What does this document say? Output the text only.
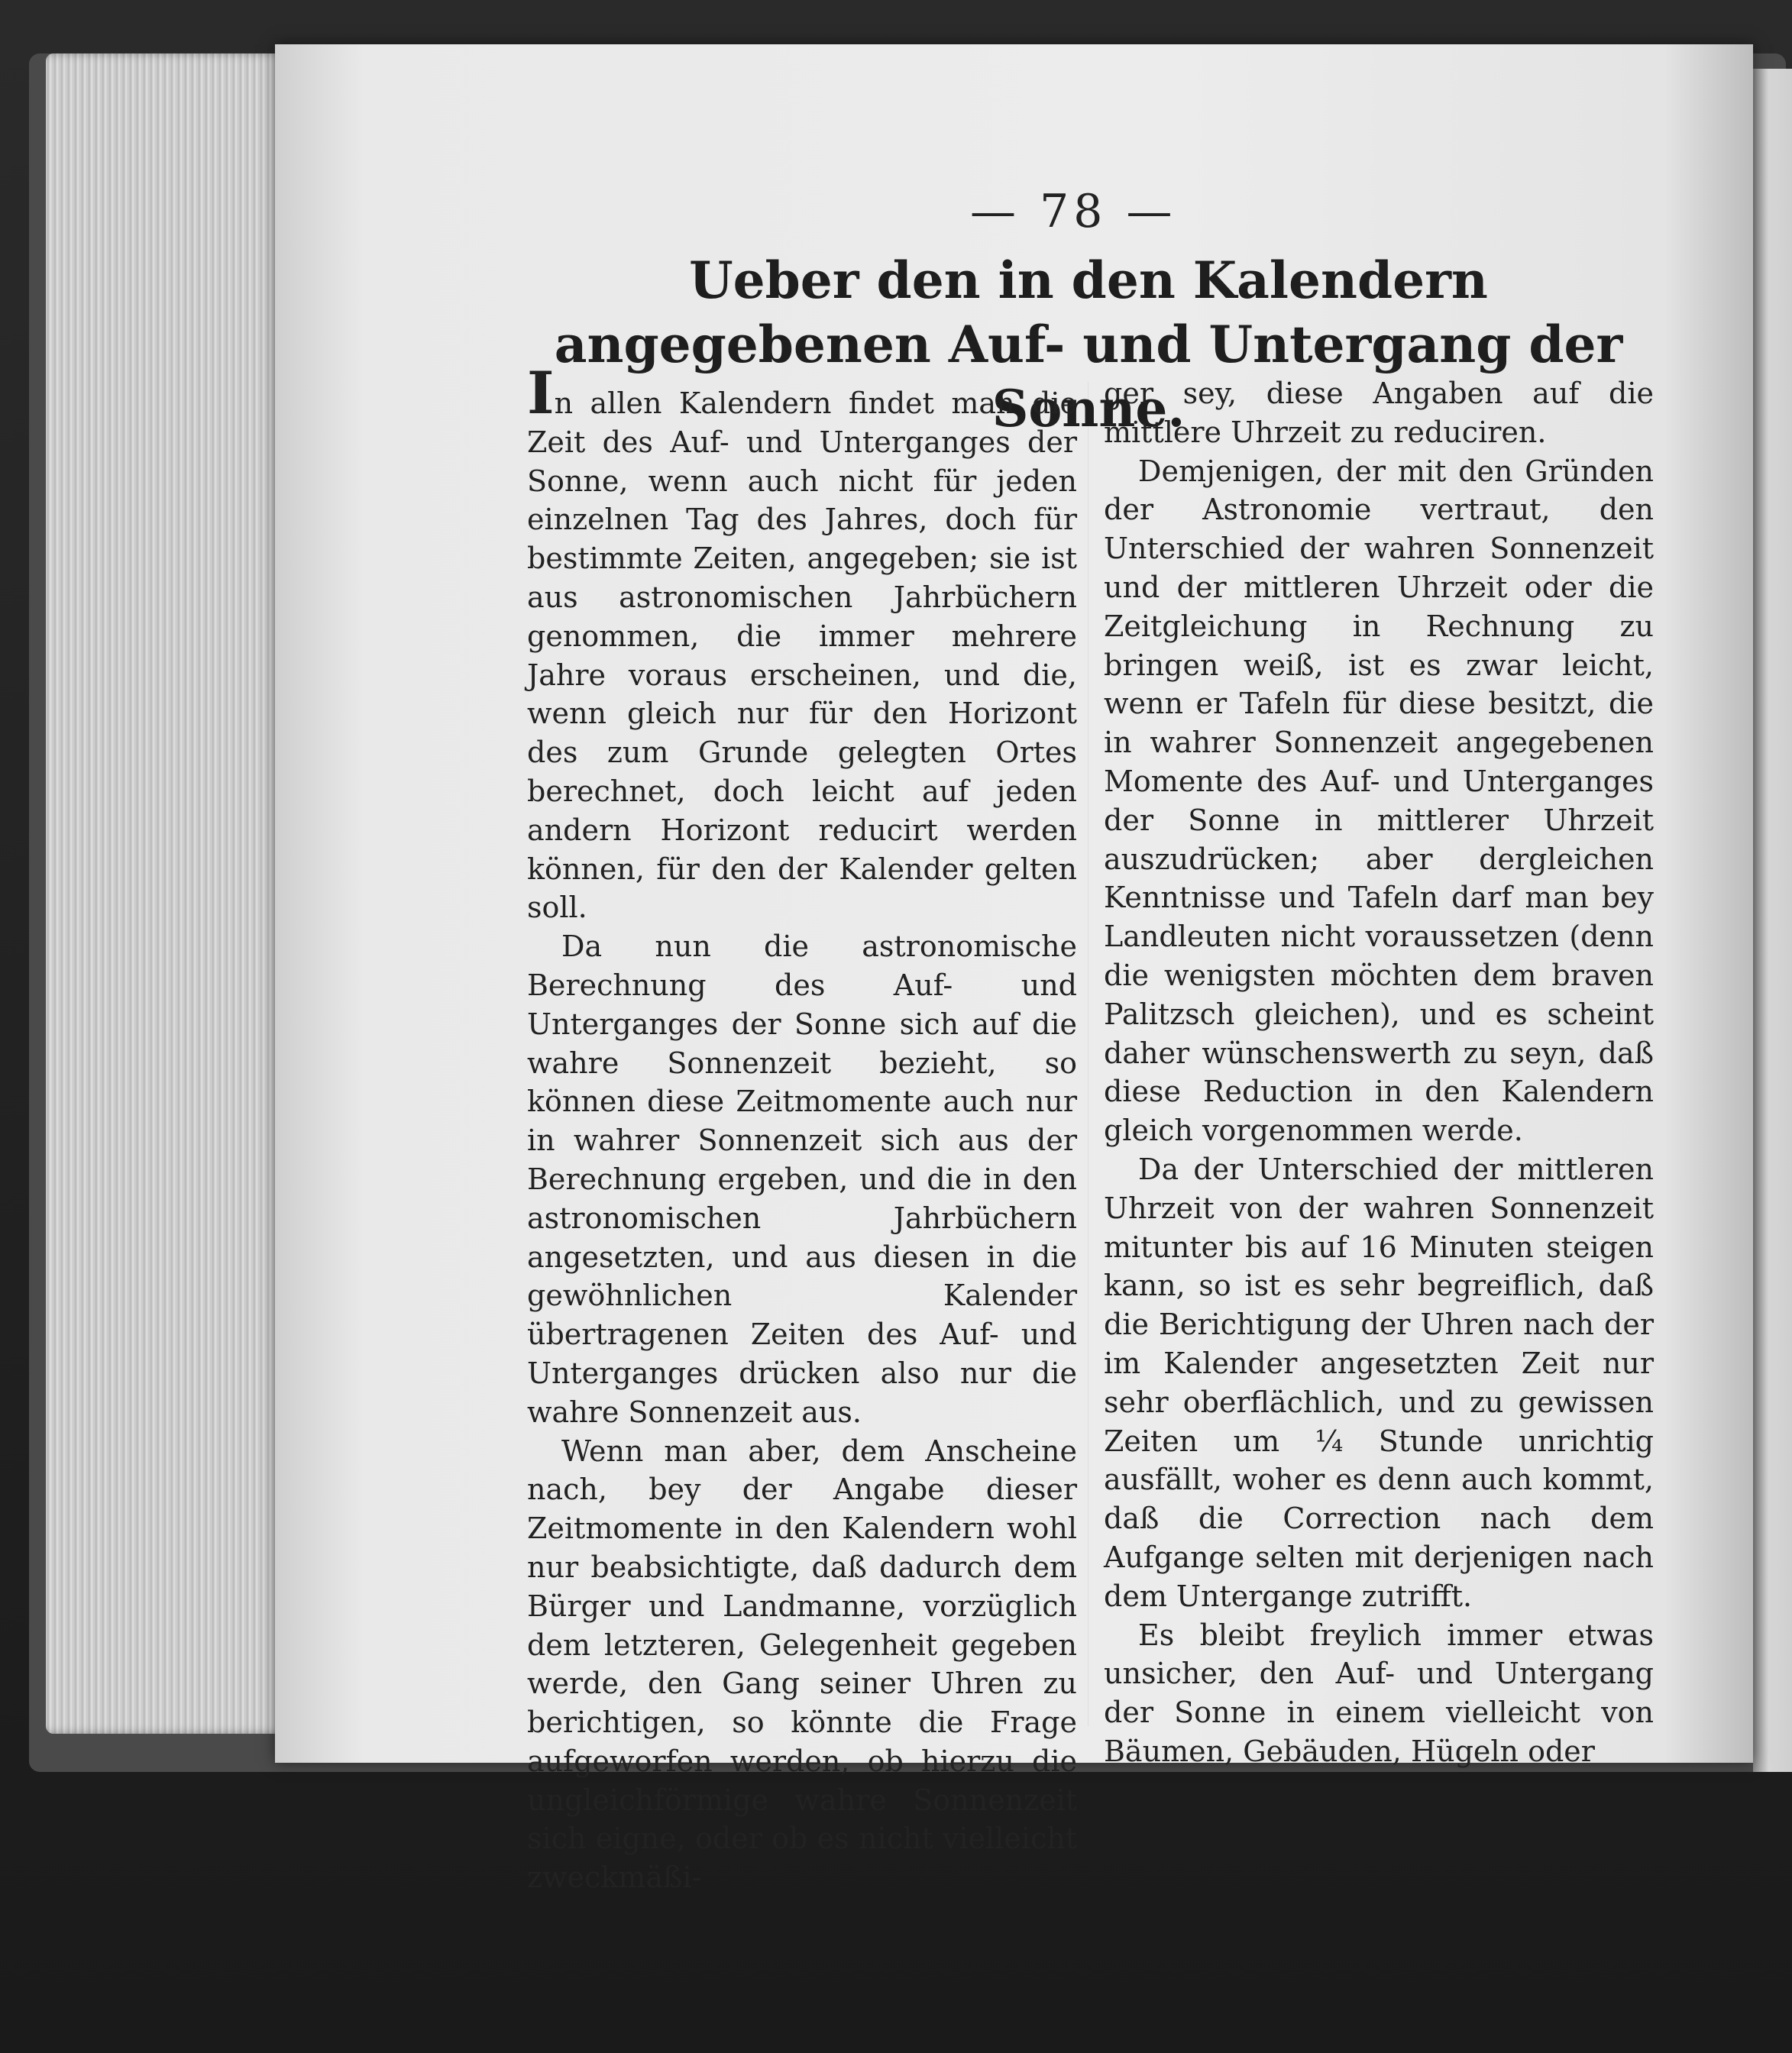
— 78 —
Ueber den in den Kalendern angegebenen Auf- und Untergang der Sonne.

In allen Kalendern findet man die Zeit des Auf- und Unterganges der Sonne, wenn auch nicht für jeden einzelnen Tag des Jahres, doch für bestimmte Zeiten, angegeben; sie ist aus astronomischen Jahrbüchern genommen, die immer mehrere Jahre voraus erscheinen, und die, wenn gleich nur für den Horizont des zum Grunde gelegten Ortes berechnet, doch leicht auf jeden andern Horizont reducirt werden können, für den der Kalender gelten soll.

Da nun die astronomische Berechnung des Auf- und Unterganges der Sonne sich auf die wahre Sonnenzeit bezieht, so können diese Zeitmomente auch nur in wahrer Sonnenzeit sich aus der Berechnung ergeben, und die in den astronomischen Jahrbüchern angesetzten, und aus diesen in die gewöhnlichen Kalender übertragenen Zeiten des Auf- und Unterganges drücken also nur die wahre Sonnenzeit aus.

Wenn man aber, dem Anscheine nach, bey der Angabe dieser Zeitmomente in den Kalendern wohl nur beabsichtigte, daß dadurch dem Bürger und Landmanne, vorzüglich dem letzteren, Gelegenheit gegeben werde, den Gang seiner Uhren zu berichtigen, so könnte die Frage aufgeworfen werden, ob hierzu die ungleichförmige wahre Sonnenzeit sich eigne, oder ob es nicht vielleicht zweckmäßi-

ger sey, diese Angaben auf die mittlere Uhrzeit zu reduciren.

Demjenigen, der mit den Gründen der Astronomie vertraut, den Unterschied der wahren Sonnenzeit und der mittleren Uhrzeit oder die Zeitgleichung in Rechnung zu bringen weiß, ist es zwar leicht, wenn er Tafeln für diese besitzt, die in wahrer Sonnenzeit angegebenen Momente des Auf- und Unterganges der Sonne in mittlerer Uhrzeit auszudrücken; aber dergleichen Kenntnisse und Tafeln darf man bey Landleuten nicht voraussetzen (denn die wenigsten möchten dem braven Palitzsch gleichen), und es scheint daher wünschenswerth zu seyn, daß diese Reduction in den Kalendern gleich vorgenommen werde.

Da der Unterschied der mittleren Uhrzeit von der wahren Sonnenzeit mitunter bis auf 16 Minuten steigen kann, so ist es sehr begreiflich, daß die Berichtigung der Uhren nach der im Kalender angesetzten Zeit nur sehr oberflächlich, und zu gewissen Zeiten um ¼ Stunde unrichtig ausfällt, woher es denn auch kommt, daß die Correction nach dem Aufgange selten mit derjenigen nach dem Untergange zutrifft.

Es bleibt freylich immer etwas unsicher, den Auf- und Untergang der Sonne in einem vielleicht von Bäumen, Gebäuden, Hügeln oder
